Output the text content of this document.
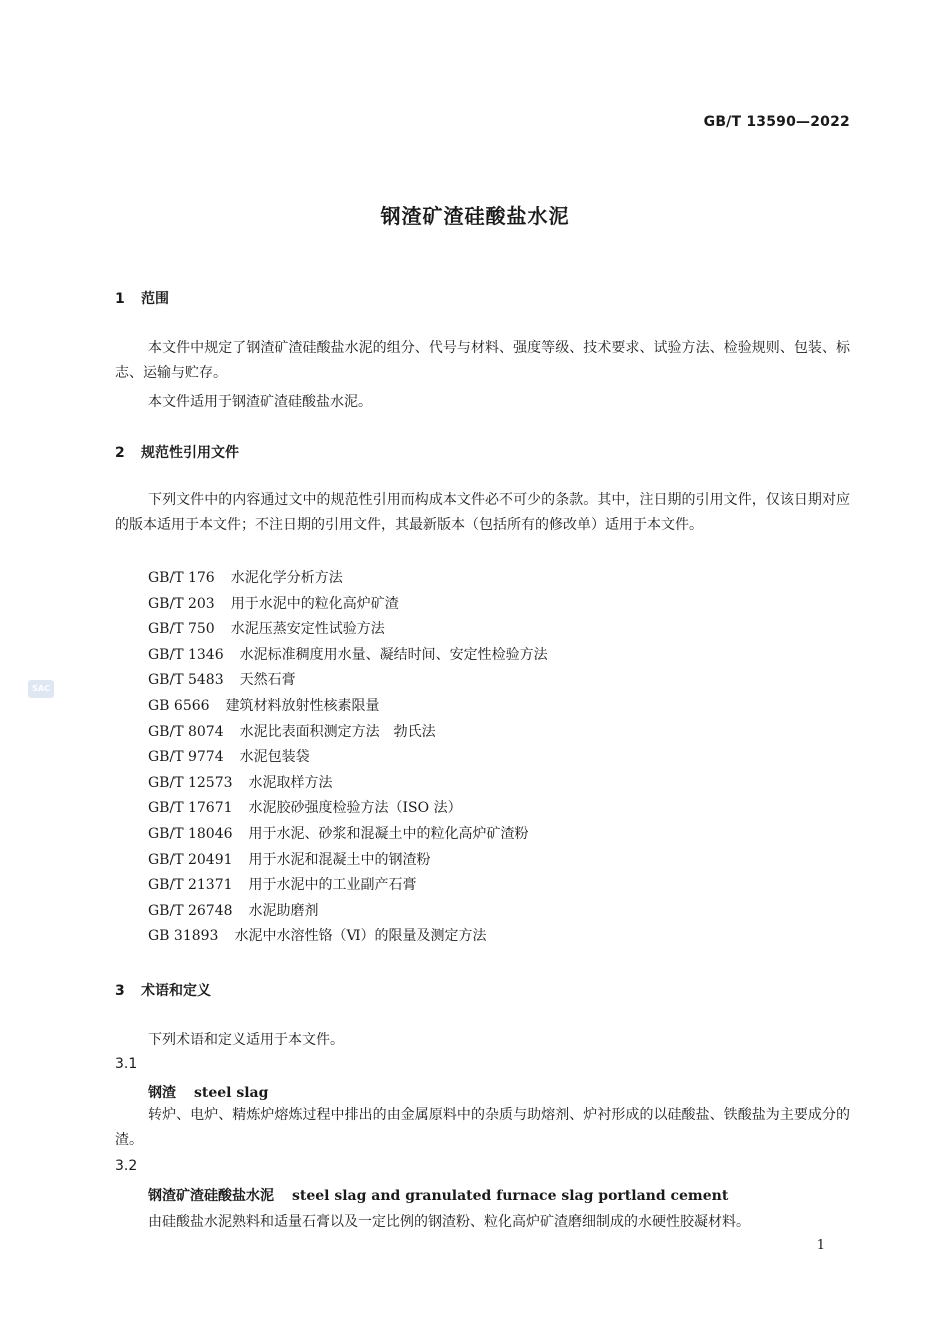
GB/T 13590—2022
钢渣矿渣硅酸盐水泥
SAC
1 范围
本文件中规定了钢渣矿渣硅酸盐水泥的组分、代号与材料、强度等级、技术要求、试验方法、检验规则、包装、标志、运输与贮存。
本文件适用于钢渣矿渣硅酸盐水泥。
2 规范性引用文件
下列文件中的内容通过文中的规范性引用而构成本文件必不可少的条款。其中，注日期的引用文件，仅该日期对应的版本适用于本文件；不注日期的引用文件，其最新版本（包括所有的修改单）适用于本文件。
GB/T 176 水泥化学分析方法
GB/T 203 用于水泥中的粒化高炉矿渣
GB/T 750 水泥压蒸安定性试验方法
GB/T 1346 水泥标准稠度用水量、凝结时间、安定性检验方法
GB/T 5483 天然石膏
GB 6566 建筑材料放射性核素限量
GB/T 8074 水泥比表面积测定方法　勃氏法
GB/T 9774 水泥包装袋
GB/T 12573 水泥取样方法
GB/T 17671 水泥胶砂强度检验方法（ISO 法）
GB/T 18046 用于水泥、砂浆和混凝土中的粒化高炉矿渣粉
GB/T 20491 用于水泥和混凝土中的钢渣粉
GB/T 21371 用于水泥中的工业副产石膏
GB/T 26748 水泥助磨剂
GB 31893 水泥中水溶性铬（Ⅵ）的限量及测定方法
3 术语和定义
下列术语和定义适用于本文件。
3.1
钢渣 steel slag
转炉、电炉、精炼炉熔炼过程中排出的由金属原料中的杂质与助熔剂、炉衬形成的以硅酸盐、铁酸盐为主要成分的渣。
3.2
钢渣矿渣硅酸盐水泥 steel slag and granulated furnace slag portland cement
由硅酸盐水泥熟料和适量石膏以及一定比例的钢渣粉、粒化高炉矿渣磨细制成的水硬性胶凝材料。
1
